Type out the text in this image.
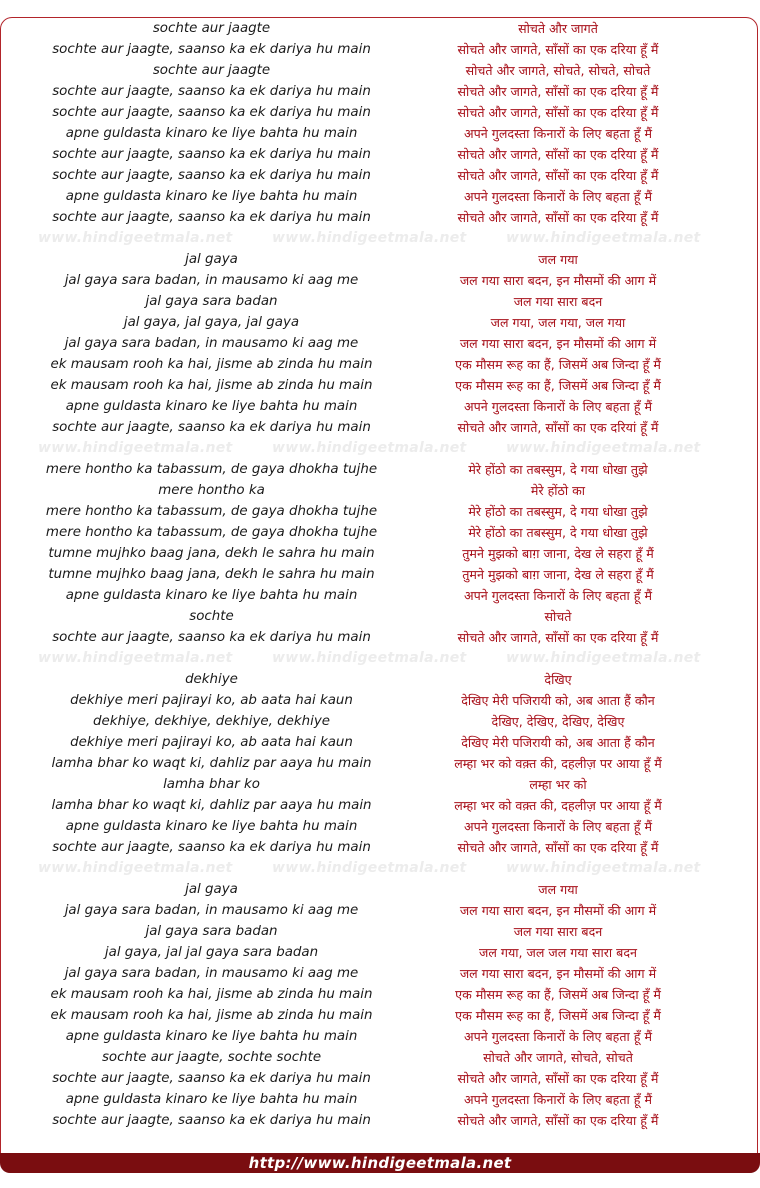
sochte aur jaagte	सोचते और जागते
sochte aur jaagte, saanso ka ek dariya hu main	सोचते और जागते, साँसों का एक दरिया हूँ मैं
sochte aur jaagte	सोचते और जागते, सोचते, सोचते, सोचते
sochte aur jaagte, saanso ka ek dariya hu main	सोचते और जागते, साँसों का एक दरिया हूँ मैं
sochte aur jaagte, saanso ka ek dariya hu main	सोचते और जागते, साँसों का एक दरिया हूँ मैं
apne guldasta kinaro ke liye bahta hu main	अपने गुलदस्ता किनारों के लिए बहता हूँ मैं
sochte aur jaagte, saanso ka ek dariya hu main	सोचते और जागते, साँसों का एक दरिया हूँ मैं
sochte aur jaagte, saanso ka ek dariya hu main	सोचते और जागते, साँसों का एक दरिया हूँ मैं
apne guldasta kinaro ke liye bahta hu main	अपने गुलदस्ता किनारों के लिए बहता हूँ मैं
sochte aur jaagte, saanso ka ek dariya hu main	सोचते और जागते, साँसों का एक दरिया हूँ मैं
www.hindigeetmala.net	www.hindigeetmala.net	www.hindigeetmala.net
jal gaya	जल गया
jal gaya sara badan, in mausamo ki aag me	जल गया सारा बदन, इन मौसमों की आग में
jal gaya sara badan	जल गया सारा बदन
jal gaya, jal gaya, jal gaya	जल गया, जल गया, जल गया
jal gaya sara badan, in mausamo ki aag me	जल गया सारा बदन, इन मौसमों की आग में
ek mausam rooh ka hai, jisme ab zinda hu main	एक मौसम रूह का हैं, जिसमें अब जिन्दा हूँ मैं
ek mausam rooh ka hai, jisme ab zinda hu main	एक मौसम रूह का हैं, जिसमें अब जिन्दा हूँ मैं
apne guldasta kinaro ke liye bahta hu main	अपने गुलदस्ता किनारों के लिए बहता हूँ मैं
sochte aur jaagte, saanso ka ek dariya hu main	सोचते और जागते, साँसों का एक दरियां हूँ मैं
www.hindigeetmala.net	www.hindigeetmala.net	www.hindigeetmala.net
mere hontho ka tabassum, de gaya dhokha tujhe	मेरे होंठो का तबस्सुम, दे गया धोखा तुझे
mere hontho ka	मेरे होंठो का
mere hontho ka tabassum, de gaya dhokha tujhe	मेरे होंठो का तबस्सुम, दे गया धोखा तुझे
mere hontho ka tabassum, de gaya dhokha tujhe	मेरे होंठो का तबस्सुम, दे गया धोखा तुझे
tumne mujhko baag jana, dekh le sahra hu main	तुमने मुझको बाग़ जाना, देख ले सहरा हूँ मैं
tumne mujhko baag jana, dekh le sahra hu main	तुमने मुझको बाग़ जाना, देख ले सहरा हूँ मैं
apne guldasta kinaro ke liye bahta hu main	अपने गुलदस्ता किनारों के लिए बहता हूँ मैं
sochte	सोचते
sochte aur jaagte, saanso ka ek dariya hu main	सोचते और जागते, साँसों का एक दरिया हूँ मैं
www.hindigeetmala.net	www.hindigeetmala.net	www.hindigeetmala.net
dekhiye	देखिए
dekhiye meri pajirayi ko, ab aata hai kaun	देखिए मेरी पजिरायी को, अब आता हैं कौन
dekhiye, dekhiye, dekhiye, dekhiye	देखिए, देखिए, देखिए, देखिए
dekhiye meri pajirayi ko, ab aata hai kaun	देखिए मेरी पजिरायी को, अब आता हैं कौन
lamha bhar ko waqt ki, dahliz par aaya hu main	लम्हा भर को वक़्त की, दहलीज़ पर आया हूँ मैं
lamha bhar ko	लम्हा भर को
lamha bhar ko waqt ki, dahliz par aaya hu main	लम्हा भर को वक़्त की, दहलीज़ पर आया हूँ मैं
apne guldasta kinaro ke liye bahta hu main	अपने गुलदस्ता किनारों के लिए बहता हूँ मैं
sochte aur jaagte, saanso ka ek dariya hu main	सोचते और जागते, साँसों का एक दरिया हूँ मैं
www.hindigeetmala.net	www.hindigeetmala.net	www.hindigeetmala.net
jal gaya	जल गया
jal gaya sara badan, in mausamo ki aag me	जल गया सारा बदन, इन मौसमों की आग में
jal gaya sara badan	जल गया सारा बदन
jal gaya, jal jal gaya sara badan	जल गया, जल जल गया सारा बदन
jal gaya sara badan, in mausamo ki aag me	जल गया सारा बदन, इन मौसमों की आग में
ek mausam rooh ka hai, jisme ab zinda hu main	एक मौसम रूह का हैं, जिसमें अब जिन्दा हूँ मैं
ek mausam rooh ka hai, jisme ab zinda hu main	एक मौसम रूह का हैं, जिसमें अब जिन्दा हूँ मैं
apne guldasta kinaro ke liye bahta hu main	अपने गुलदस्ता किनारों के लिए बहता हूँ मैं
sochte aur jaagte, sochte sochte	सोचते और जागते, सोचते, सोचते
sochte aur jaagte, saanso ka ek dariya hu main	सोचते और जागते, साँसों का एक दरिया हूँ मैं
apne guldasta kinaro ke liye bahta hu main	अपने गुलदस्ता किनारों के लिए बहता हूँ मैं
sochte aur jaagte, saanso ka ek dariya hu main	सोचते और जागते, साँसों का एक दरिया हूँ मैं
http://www.hindigeetmala.net
